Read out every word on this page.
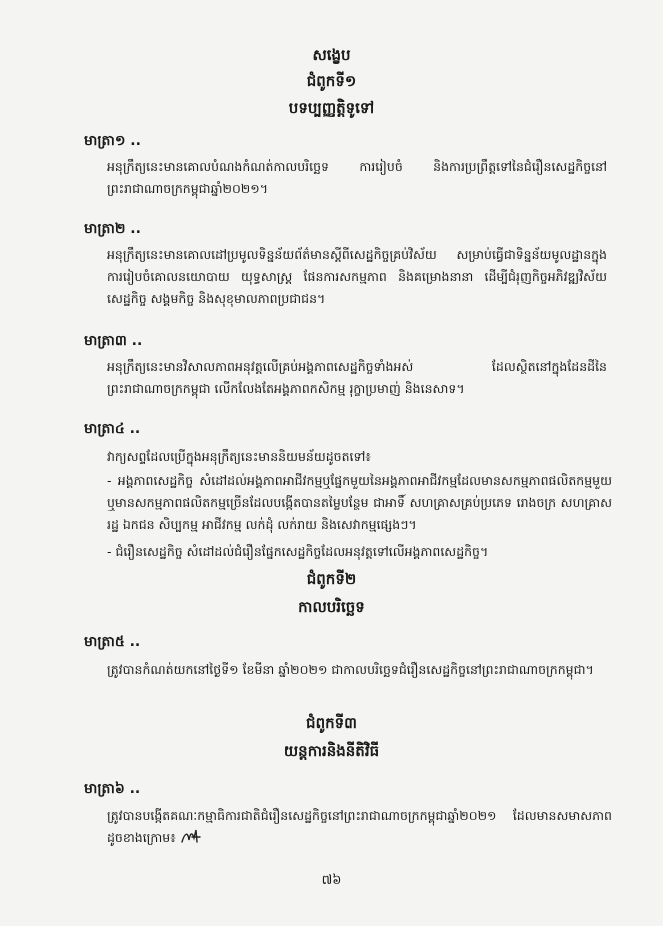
សង្ខេប
ជំពូកទី១
បទប្បញ្ញត្តិទូទៅ
មាត្រា១ ..
អនុក្រឹត្យនេះមានគោលបំណងកំណត់កាលបរិច្ឆេទ ការរៀបចំ និងការប្រព្រឹត្តទៅនៃជំរឿនសេដ្ឋកិច្ចនៅព្រះរាជាណាចក្រកម្ពុជាឆ្នាំ២០២១។
មាត្រា២ ..
អនុក្រឹត្យនេះមានគោលដៅប្រមូលទិន្នន័យព័ត៌មានស្ដីពីសេដ្ឋកិច្ចគ្រប់វិស័យ សម្រាប់ធ្វើជាទិន្នន័យមូលដ្ឋានក្នុងការរៀបចំគោលនយោបាយ យុទ្ធសាស្ត្រ ផែនការសកម្មភាព និងគម្រោងនានា ដើម្បីជំរុញកិច្ចអភិវឌ្ឍវិស័យសេដ្ឋកិច្ច សង្គមកិច្ច និងសុខុមាលភាពប្រជាជន។
មាត្រា៣ ..
អនុក្រឹត្យនេះមានវិសាលភាពអនុវត្តលើគ្រប់អង្គភាពសេដ្ឋកិច្ចទាំងអស់ ដែលស្ថិតនៅក្នុងដែនដីនៃព្រះរាជាណាចក្រកម្ពុជា លើកលែងតែអង្គភាពកសិកម្ម រុក្ខាប្រមាញ់ និងនេសាទ។
មាត្រា៤ ..
វាក្យសព្ទដែលប្រើក្នុងអនុក្រឹត្យនេះមាននិយមន័យដូចតទៅ៖
- អង្គភាពសេដ្ឋកិច្ច សំដៅដល់អង្គភាពអាជីវកម្មឬផ្នែកមួយនៃអង្គភាពអាជីវកម្មដែលមានសកម្មភាពផលិតកម្មមួយ ឬមានសកម្មភាពផលិតកម្មច្រើនដែលបង្កើតបានតម្លៃបន្ថែម ជាអាទិ៍ សហគ្រាសគ្រប់ប្រភេទ រោងចក្រ សហគ្រាសរដ្ឋ ឯកជន សិប្បកម្ម អាជីវកម្ម លក់ដុំ លក់រាយ និងសេវាកម្មផ្សេងៗ។
- ជំរឿនសេដ្ឋកិច្ច សំដៅដល់ជំរឿនផ្នែកសេដ្ឋកិច្ចដែលអនុវត្តទៅលើអង្គភាពសេដ្ឋកិច្ច។
ជំពូកទី២
កាលបរិច្ឆេទ
មាត្រា៥ ..
ត្រូវបានកំណត់យកនៅថ្ងៃទី១ ខែមីនា ឆ្នាំ២០២១ ជាកាលបរិច្ឆេទជំរឿនសេដ្ឋកិច្ចនៅព្រះរាជាណាចក្រកម្ពុជា។
ជំពូកទី៣
យន្តការនិងនីតិវិធី
មាត្រា៦ ..
ត្រូវបានបង្កើតគណៈកម្មាធិការជាតិជំរឿនសេដ្ឋកិច្ចនៅព្រះរាជាណាចក្រកម្ពុជាឆ្នាំ២០២១ ដែលមានសមាសភាព ដូចខាងក្រោម៖
៧៦
